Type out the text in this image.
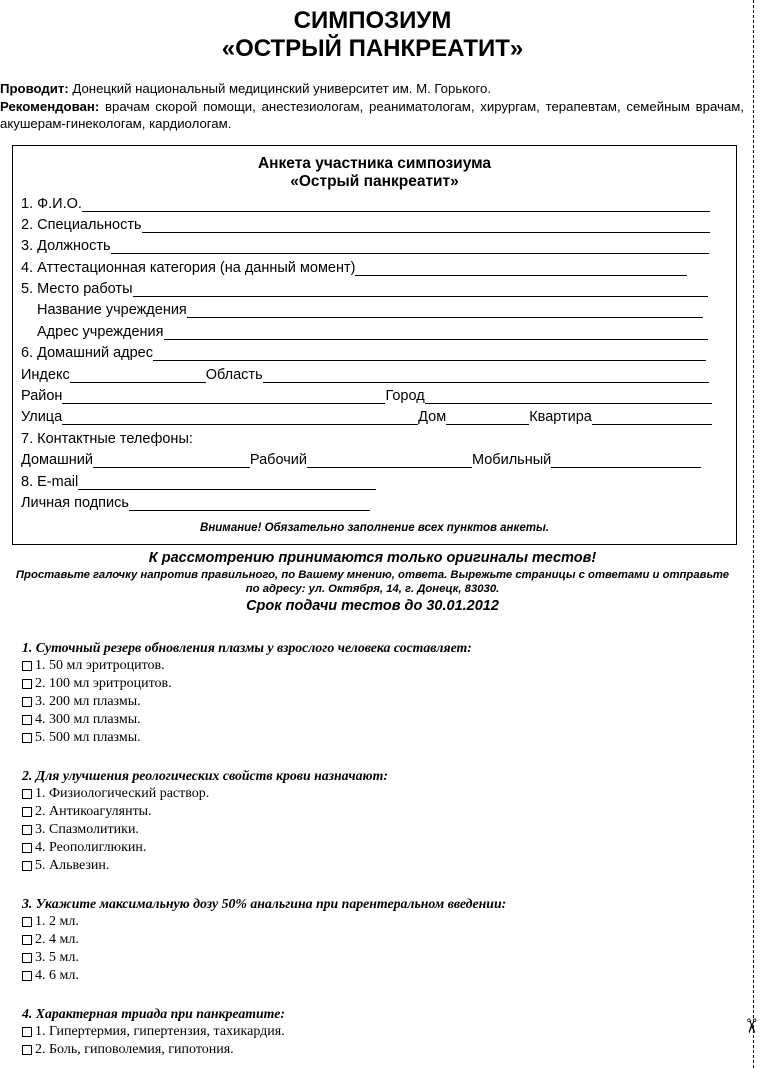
✂
СИМПОЗИУМ
«ОСТРЫЙ ПАНКРЕАТИТ»
Проводит: Донецкий национальный медицинский университет им. М. Горького.
Рекомендован: врачам скорой помощи, анестезиологам, реаниматологам, хирургам, терапевтам, семейным врачам, акушерам-гинекологам, кардиологам.
Анкета участника симпозиума
«Острый панкреатит»
1. Ф.И.О.
2. Специальность
3. Должность
4. Аттестационная категория (на данный момент)
5. Место работы
Название учреждения
Адрес учреждения
6. Домашний адрес
Индекс	Область
Район	Город
Улица	Дом	Квартира
7. Контактные телефоны:
Домашний	Рабочий	Мобильный
8. E-mail
Личная подпись
Внимание! Обязательно заполнение всех пунктов анкеты.
К рассмотрению принимаются только оригиналы тестов!
Проставьте галочку напротив правильного, по Вашему мнению, ответа. Вырежьте страницы с ответами и отправьте
по адресу: ул. Октября, 14, г. Донецк, 83030.
Срок подачи тестов до 30.01.2012
1. Суточный резерв обновления плазмы у взрослого человека составляет:
1. 50 мл эритроцитов.
2. 100 мл эритроцитов.
3. 200 мл плазмы.
4. 300 мл плазмы.
5. 500 мл плазмы.
2. Для улучшения реологических свойств крови назначают:
1. Физиологический раствор.
2. Антикоагулянты.
3. Спазмолитики.
4. Реополиглюкин.
5. Альвезин.
3. Укажите максимальную дозу 50% анальгина при парентеральном введении:
1. 2 мл.
2. 4 мл.
3. 5 мл.
4. 6 мл.
4. Характерная триада при панкреатите:
1. Гипертермия, гипертензия, тахикардия.
2. Боль, гиповолемия, гипотония.
